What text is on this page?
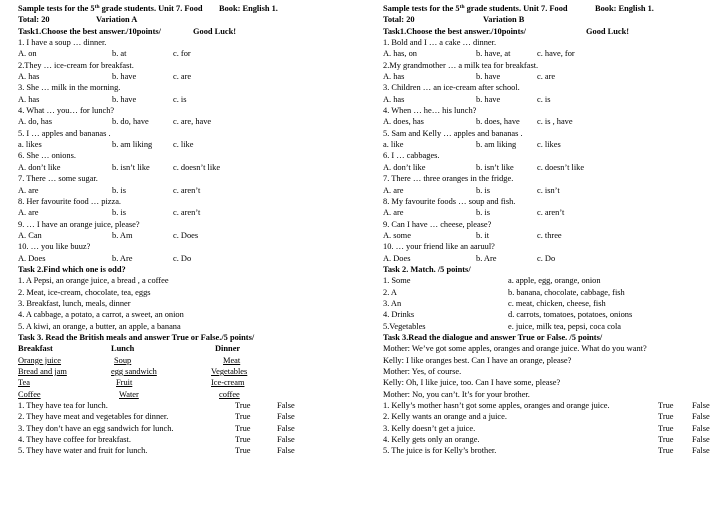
Sample tests for the 5th grade students. Unit 7. Food Book: English 1.
Total: 20	Variation A
Task1.Choose the best answer./10points/	Good Luck!
1. I have a soup … dinner.
A. on	b. at	c. for
2.They … ice-cream for breakfast.
A. has	b. have	c. are
3. She … milk in the morning.
A. has	b. have	c. is
4. What … you… for lunch?
A. do, has	b. do, have	c. are, have
5. I … apples and bananas .
a. likes	b. am liking c. like
6. She … onions.
A. don’t like	b. isn’t like	c. doesn’t like
7. There … some sugar.
A. are	b. is	c. aren’t
8. Her favourite food … pizza.
A. are	b. is	c. aren’t
9. … I have an orange juice, please?
A. Can	b. Am	c. Does
10. … you like buuz?
A. Does	b. Are	c. Do
Task 2.Find which one is odd?
1. A Pepsi, an orange juice, a bread , a coffee
2. Meat, ice-cream, chocolate, tea, eggs
3. Breakfast, lunch, meals, dinner
4. A cabbage, a potato, a carrot, a sweet, an onion
5. A kiwi, an orange, a butter, an apple, a banana
Task 3. Read the British meals and answer True or False./5 points/
Breakfast	Lunch	Dinner
Orange juice	Soup	Meat
Bread and jam	egg sandwich	Vegetables
Tea	Fruit	Ice-cream
Coffee	Water	coffee
1. They have tea for lunch.	True	False
2. They have meat and vegetables for dinner.	True	False
3. They don’t have an egg sandwich for lunch.	True	False
4. They have coffee for breakfast.	True	False
5. They have water and fruit for lunch.	True	False
Sample tests for the 5th grade students. Unit 7. Food	Book: English 1.
Total: 20	Variation B
Task1.Choose the best answer./10points/	Good Luck!
1. Bold and I … a cake … dinner.
A. has, on	b. have, at	c. have, for
2.My grandmother … a milk tea for breakfast.
A. has	b. have	c. are
3. Children … an ice-cream after school.
A. has	b. have	c. is
4. When … he… his lunch?
A. does, has	b. does, have c. is , have
5. Sam and Kelly … apples and bananas .
a. like	b. am liking c. likes
6. I … cabbages.
A. don’t like	b. isn’t like	c. doesn’t like
7. There … three oranges in the fridge.
A. are	b. is	c. isn’t
8. My favourite foods … soup and fish.
A. are	b. is	c. aren’t
9. Can I have … cheese, please?
A. some	b. it	c. three
10. … your friend like an aaruul?
A. Does	b. Are	c. Do
Task 2. Match. /5 points/
1. Some	a. apple, egg, orange, onion
2. A	b. banana, chocolate, cabbage, fish
3. An	c. meat, chicken, cheese, fish
4. Drinks	d. carrots, tomatoes, potatoes, onions
5.Vegetables	e. juice, milk tea, pepsi, coca cola
Task 3.Read the dialogue and answer True or False. /5 points/
Mother: We’ve got some apples, oranges and orange juice. What do you want?
Kelly: I like oranges best. Can I have an orange, please?
Mother: Yes, of course.
Kelly: Oh, I like juice, too. Can I have some, please?
Mother: No, you can’t. It’s for your brother.
1. Kelly’s mother hasn’t got some apples, oranges and orange juice.	True False
2. Kelly wants an orange and a juice.	True False
3. Kelly doesn’t get a juice.	True False
4. Kelly gets only an orange.	True False
5. The juice is for Kelly’s brother.	True False
